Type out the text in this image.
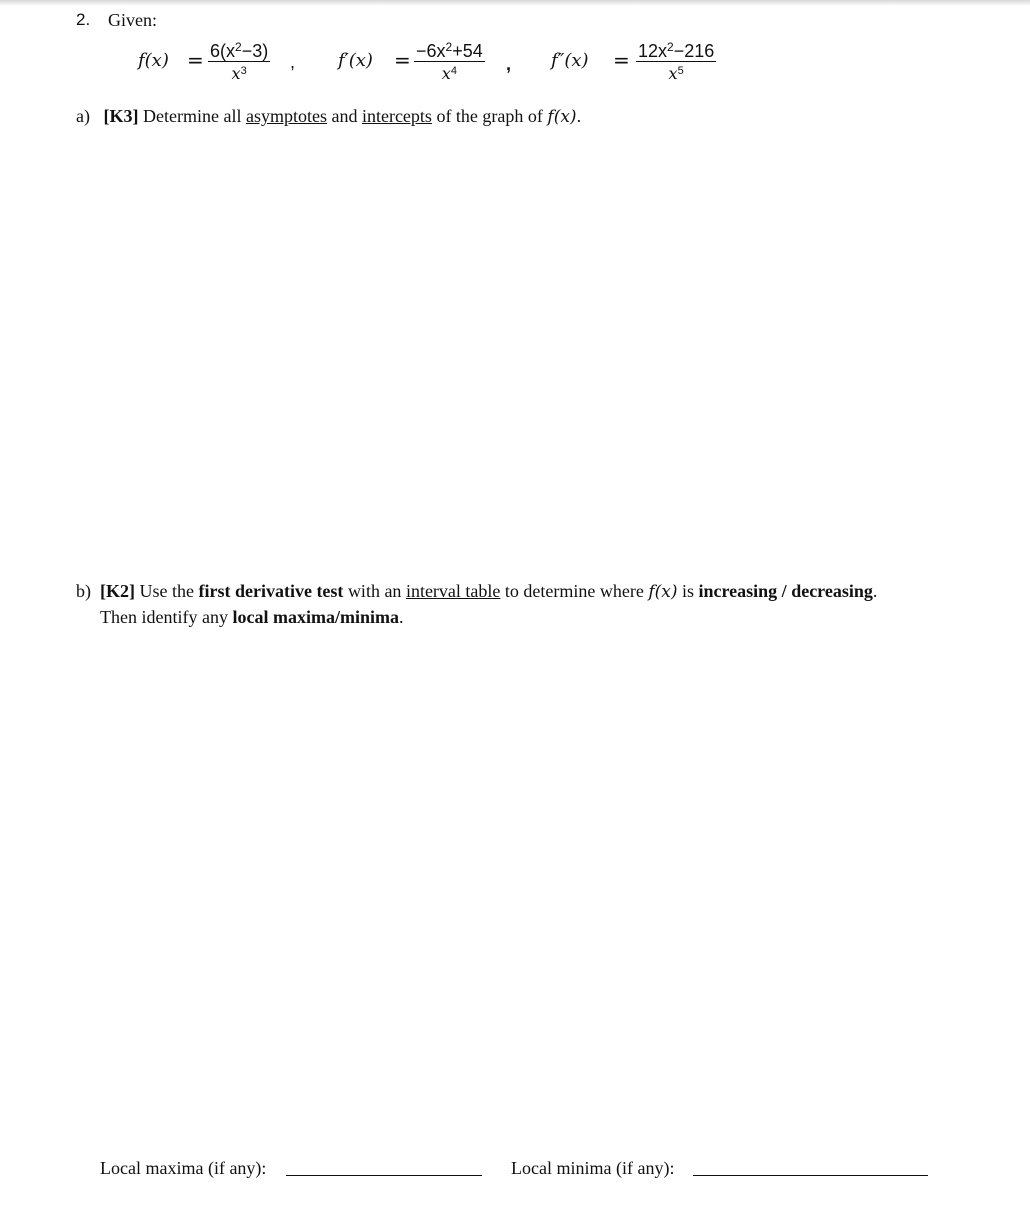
2. Given:
$f(x) = 6(x^2-3)$
$x^3$ , $f'(x) = -6x^2+54$
$x^4$	, $f''(x) = 12x^2-216$
$x^5$
a) [K3] Determine all asymptotes and intercepts of the graph of f(x).
b) [K2] Use the first derivative test with an interval table to determine where f(x) is increasing / decreasing.
Then identify any local maxima/minima.
Local maxima (if any):	Local minima (if any):
